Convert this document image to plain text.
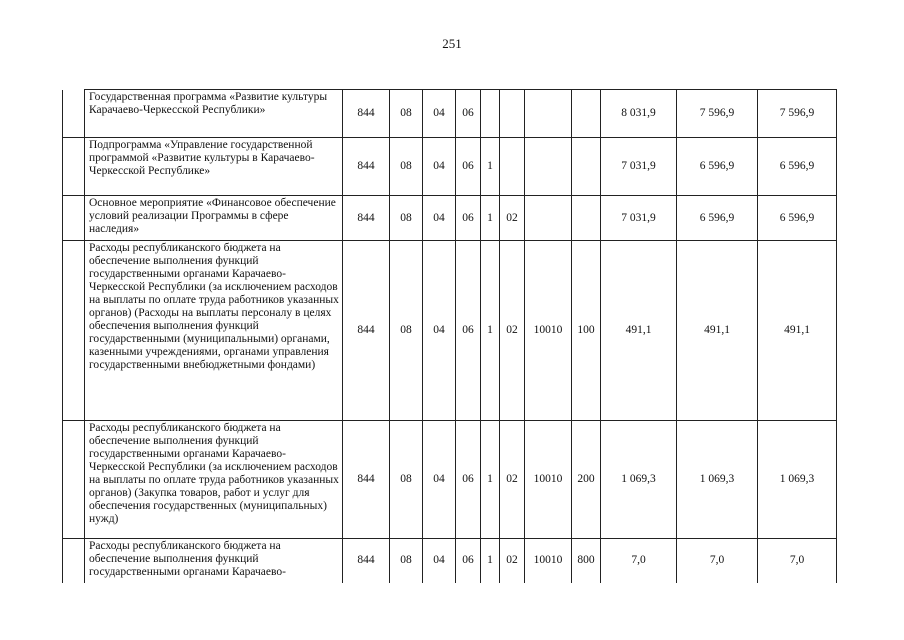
251
	Государственная программа «Развитие культуры Карачаево-Черкесской Республики»	844	08	04	06					8 031,9	7 596,9	7 596,9
	Подпрограмма «Управление государственной программой «Развитие культуры в Карачаево-Черкесской Республике»	844	08	04	06	1				7 031,9	6 596,9	6 596,9
	Основное мероприятие «Финансовое обеспечение условий реализации Программы в сфере наследия»	844	08	04	06	1	02			7 031,9	6 596,9	6 596,9
	Расходы республиканского бюджета на обеспечение выполнения функций государственными органами Карачаево-Черкесской Республики (за исключением расходов на выплаты по оплате труда работников указанных органов) (Расходы на выплаты персоналу в целях обеспечения выполнения функций государственными (муниципальными) органами, казенными учреждениями, органами управления государственными внебюджетными фондами)	844	08	04	06	1	02	10010	100	491,1	491,1	491,1
	Расходы республиканского бюджета на обеспечение выполнения функций государственными органами Карачаево-Черкесской Республики (за исключением расходов на выплаты по оплате труда работников указанных органов) (Закупка товаров, работ и услуг для обеспечения государственных (муниципальных) нужд)	844	08	04	06	1	02	10010	200	1 069,3	1 069,3	1 069,3
	Расходы республиканского бюджета на обеспечение выполнения функций государственными органами Карачаево-	844	08	04	06	1	02	10010	800	7,0	7,0	7,0
